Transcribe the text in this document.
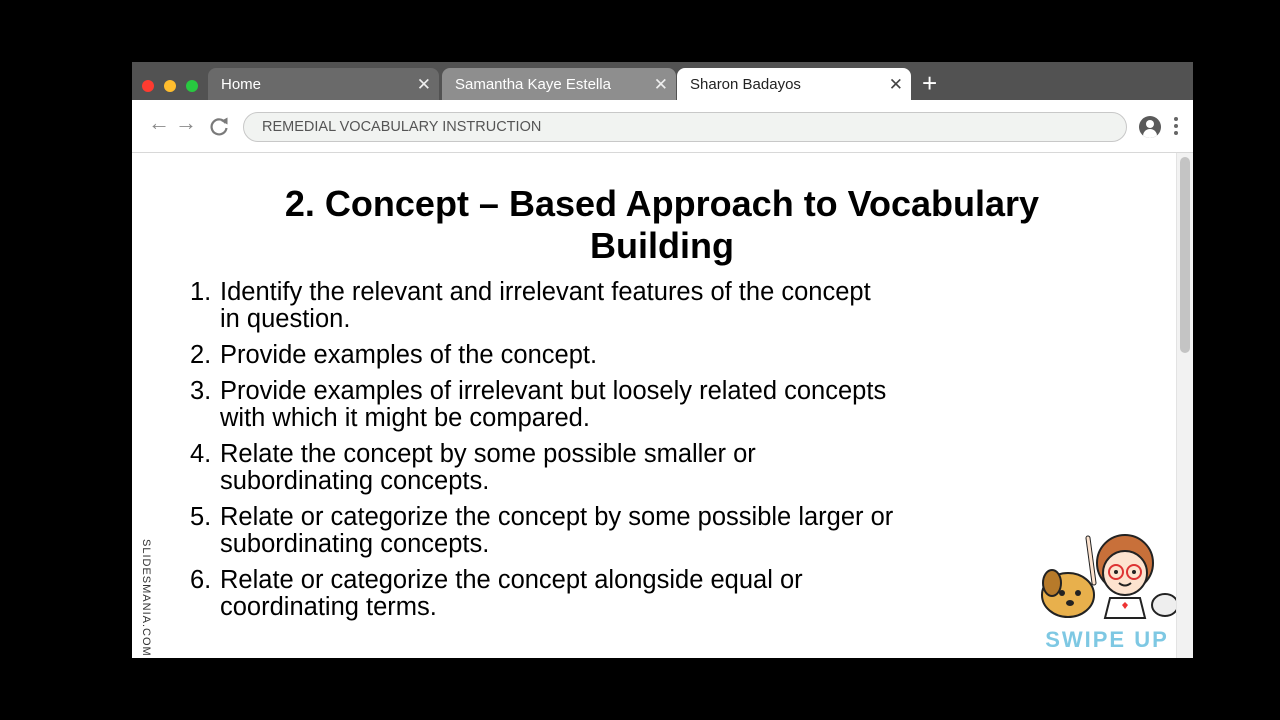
Home	✕	Samantha Kaye Estella	✕	Sharon Badayos	✕ +
← →	REMEDIAL VOCABULARY INSTRUCTION
2. Concept – Based Approach to Vocabulary
Building
1. Identify the relevant and irrelevant features of the concept
in question.
2. Provide examples of the concept.
3. Provide examples of irrelevant but loosely related concepts
with which it might be compared.
4. Relate the concept by some possible smaller or
subordinating concepts.
5. Relate or categorize the concept by some possible larger or
subordinating concepts.
6. Relate or categorize the concept alongside equal or
coordinating terms.
SLIDESMANIA.COM	SWIPE UP
